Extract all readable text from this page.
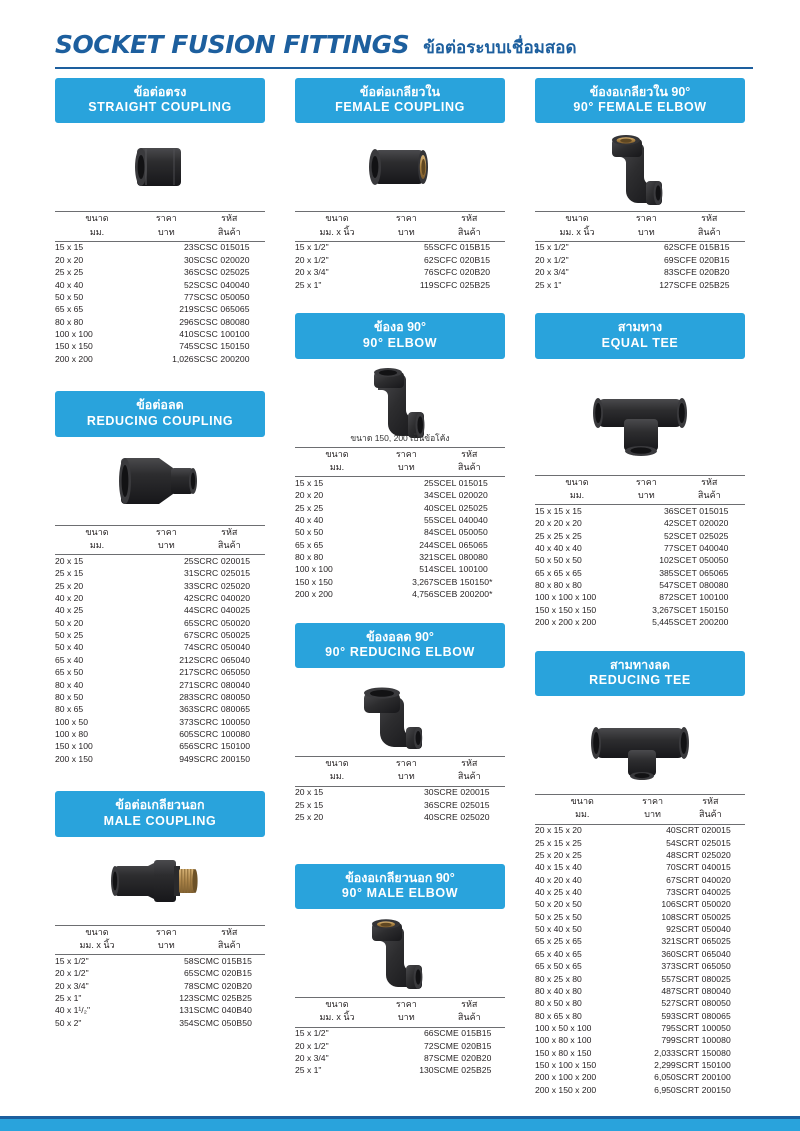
SOCKET FUSION FITTINGS ข้อต่อระบบเชื่อมสอด
ข้อต่อตรง
STRAIGHT COUPLING
ขนาด	ราคา	รหัส
มม.	บาท	สินค้า
15 x 15	23	SCSC 015015
20 x 20	30	SCSC 020020
25 x 25	36	SCSC 025025
40 x 40	52	SCSC 040040
50 x 50	77	SCSC 050050
65 x 65	219	SCSC 065065
80 x 80	296	SCSC 080080
100 x 100	410	SCSC 100100
150 x 150	745	SCSC 150150
200 x 200	1,026	SCSC 200200
ข้อต่อลด
REDUCING COUPLING
ขนาด	ราคา	รหัส
มม.	บาท	สินค้า
20 x 15	25	SCRC 020015
25 x 15	31	SCRC 025015
25 x 20	33	SCRC 025020
40 x 20	42	SCRC 040020
40 x 25	44	SCRC 040025
50 x 20	65	SCRC 050020
50 x 25	67	SCRC 050025
50 x 40	74	SCRC 050040
65 x 40	212	SCRC 065040
65 x 50	217	SCRC 065050
80 x 40	271	SCRC 080040
80 x 50	283	SCRC 080050
80 x 65	363	SCRC 080065
100 x 50	373	SCRC 100050
100 x 80	605	SCRC 100080
150 x 100	656	SCRC 150100
200 x 150	949	SCRC 200150
ข้อต่อเกลียวนอก
MALE COUPLING
ขนาด	ราคา	รหัส
มม. x นิ้ว	บาท	สินค้า
15 x 1/2"	58	SCMC 015B15
20 x 1/2"	65	SCMC 020B15
20 x 3/4"	78	SCMC 020B20
25 x 1"	123	SCMC 025B25
40 x 1¹/₂"	131	SCMC 040B40
50 x 2"	354	SCMC 050B50
ข้อต่อเกลียวใน
FEMALE COUPLING
ขนาด	ราคา	รหัส
มม. x นิ้ว	บาท	สินค้า
15 x 1/2"	55	SCFC 015B15
20 x 1/2"	62	SCFC 020B15
20 x 3/4"	76	SCFC 020B20
25 x 1"	119	SCFC 025B25
ข้องอ 90°
90° ELBOW
ขนาด 150, 200 เป็นข้อโค้ง
ขนาด	ราคา	รหัส
มม.	บาท	สินค้า
15 x 15	25	SCEL 015015
20 x 20	34	SCEL 020020
25 x 25	40	SCEL 025025
40 x 40	55	SCEL 040040
50 x 50	84	SCEL 050050
65 x 65	244	SCEL 065065
80 x 80	321	SCEL 080080
100 x 100	514	SCEL 100100
150 x 150	3,267	SCEB 150150*
200 x 200	4,756	SCEB 200200*
ข้องอลด 90°
90° REDUCING ELBOW
ขนาด	ราคา	รหัส
มม.	บาท	สินค้า
20 x 15	30	SCRE 020015
25 x 15	36	SCRE 025015
25 x 20	40	SCRE 025020
ข้องอเกลียวนอก 90°
90° MALE ELBOW
ขนาด	ราคา	รหัส
มม. x นิ้ว	บาท	สินค้า
15 x 1/2"	66	SCME 015B15
20 x 1/2"	72	SCME 020B15
20 x 3/4"	87	SCME 020B20
25 x 1"	130	SCME 025B25
ข้องอเกลียวใน 90°
90° FEMALE ELBOW
ขนาด	ราคา	รหัส
มม. x นิ้ว	บาท	สินค้า
15 x 1/2"	62	SCFE 015B15
20 x 1/2"	69	SCFE 020B15
20 x 3/4"	83	SCFE 020B20
25 x 1"	127	SCFE 025B25
สามทาง
EQUAL TEE
ขนาด	ราคา	รหัส
มม.	บาท	สินค้า
15 x 15 x 15	36	SCET 015015
20 x 20 x 20	42	SCET 020020
25 x 25 x 25	52	SCET 025025
40 x 40 x 40	77	SCET 040040
50 x 50 x 50	102	SCET 050050
65 x 65 x 65	385	SCET 065065
80 x 80 x 80	547	SCET 080080
100 x 100 x 100	872	SCET 100100
150 x 150 x 150	3,267	SCET 150150
200 x 200 x 200	5,445	SCET 200200
สามทางลด
REDUCING TEE
ขนาด	ราคา	รหัส
มม.	บาท	สินค้า
20 x 15 x 20	40	SCRT 020015
25 x 15 x 25	54	SCRT 025015
25 x 20 x 25	48	SCRT 025020
40 x 15 x 40	70	SCRT 040015
40 x 20 x 40	67	SCRT 040020
40 x 25 x 40	73	SCRT 040025
50 x 20 x 50	106	SCRT 050020
50 x 25 x 50	108	SCRT 050025
50 x 40 x 50	92	SCRT 050040
65 x 25 x 65	321	SCRT 065025
65 x 40 x 65	360	SCRT 065040
65 x 50 x 65	373	SCRT 065050
80 x 25 x 80	557	SCRT 080025
80 x 40 x 80	487	SCRT 080040
80 x 50 x 80	527	SCRT 080050
80 x 65 x 80	593	SCRT 080065
100 x 50 x 100	795	SCRT 100050
100 x 80 x 100	799	SCRT 100080
150 x 80 x 150	2,033	SCRT 150080
150 x 100 x 150	2,299	SCRT 150100
200 x 100 x 200	6,050	SCRT 200100
200 x 150 x 200	6,950	SCRT 200150
